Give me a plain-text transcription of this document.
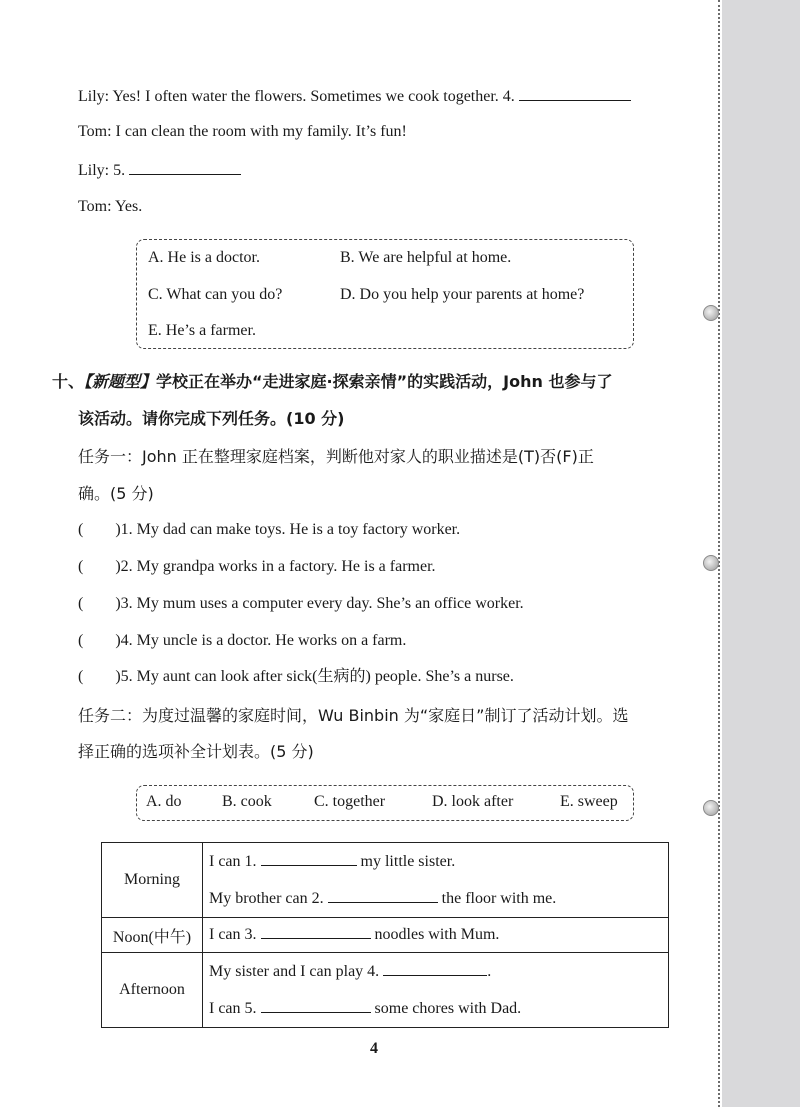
Lily: Yes! I often water the flowers. Sometimes we cook together. 4.
Tom: I can clean the room with my family. It’s fun!
Lily: 5.
Tom: Yes.
A. He is a doctor.	B. We are helpful at home.
C. What can you do?	D. Do you help your parents at home?
E. He’s a farmer.
十、【新题型】学校正在举办“走进家庭·探索亲情”的实践活动，John 也参与了
该活动。请你完成下列任务。(10 分)
任务一：John 正在整理家庭档案，判断他对家人的职业描述是(T)否(F)正
确。(5 分)
(        )1. My dad can make toys. He is a toy factory worker.
(        )2. My grandpa works in a factory. He is a farmer.
(        )3. My mum uses a computer every day. She’s an office worker.
(        )4. My uncle is a doctor. He works on a farm.
(        )5. My aunt can look after sick(生病的) people. She’s a nurse.
任务二：为度过温馨的家庭时间，Wu Binbin 为“家庭日”制订了活动计划。选
择正确的选项补全计划表。(5 分)
A. do	B. cook	C. together	D. look after	E. sweep
Morning	I can 1. my little sister.
My brother can 2. the floor with me.

Noon(中午)	I can 3. noodles with Mum.

Afternoon	My sister and I can play 4. .
I can 5. some chores with Dad.
4
